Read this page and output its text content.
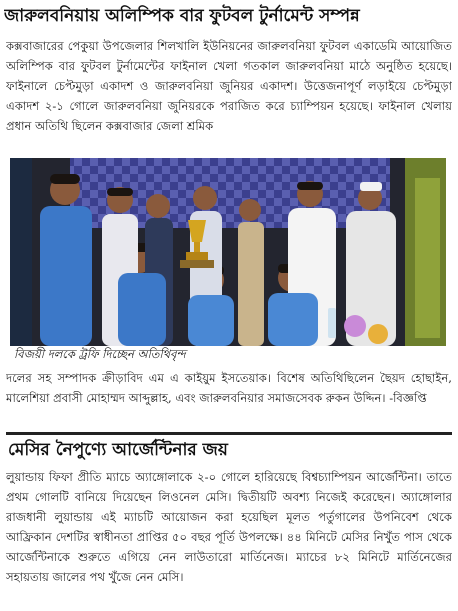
জারুলবনিয়ায় অলিম্পিক বার ফুটবল টুর্নামেন্ট সম্পন্ন
কক্সবাজারের পেকুয়া উপজেলার শিলখালি ইউনিয়নের জারুলবনিয়া ফুটবল একাডেমি আয়োজিত অলিম্পিক বার ফুটবল টুর্নামেন্টের ফাইনাল খেলা গতকাল জারুলবনিয়া মাঠে অনুষ্ঠিত হয়েছে। ফাইনালে চেপ্টমুড়া একাদশ ও জারুলবনিয়া জুনিয়র একাদশ। উত্তেজনাপূর্ণ লড়াইয়ে চেপ্টমুড়া একাদশ ২-১ গোলে জারুলবনিয়া জুনিয়রকে পরাজিত করে চ্যাম্পিয়ন হয়েছে। ফাইনাল খেলায় প্রধান অতিথি ছিলেন কক্সবাজার জেলা শ্রমিক
বিজয়ী দলকে ট্রফি দিচ্ছেন অতিথিবৃন্দ
দলের সহ সম্পাদক ক্রীড়াবিদ এম এ কাইয়ুম ইসতেয়াক। বিশেষ অতিথিছিলেন ছৈয়দ হোছাইন, মালেশিয়া প্রবাসী মোহাম্মদ আব্দুল্লাহ, এবং জারুলবনিয়ার সমাজসেবক রুকন উদ্দিন। -বিজ্ঞপ্তি
মেসির নৈপুণ্যে আর্জেন্টিনার জয়
লুয়ান্ডায় ফিফা প্রীতি ম্যাচে অ্যাঙ্গোলাকে ২-০ গোলে হারিয়েছে বিশ্বচ্যাম্পিয়ন আর্জেন্টিনা। তাতে প্রথম গোলটি বানিয়ে দিয়েছেন লিওনেল মেসি। দ্বিতীয়টি অবশ্য নিজেই করেছেন। অ্যাঙ্গোলার রাজধানী লুয়ান্ডায় এই ম্যাচটি আয়োজন করা হয়েছিল মূলত পর্তুগালের উপনিবেশ থেকে আফ্রিকান দেশটির স্বাধীনতা প্রাপ্তির ৫০ বছর পূর্তি উপলক্ষে। ৪৪ মিনিটে মেসির নিখুঁত পাস থেকে আর্জেন্টিনাকে শুরুতে এগিয়ে নেন লাউতারো মার্তিনেজ। ম্যাচের ৮২ মিনিটে মার্তিনেজের সহায়তায় জালের পথ খুঁজে নেন মেসি।
